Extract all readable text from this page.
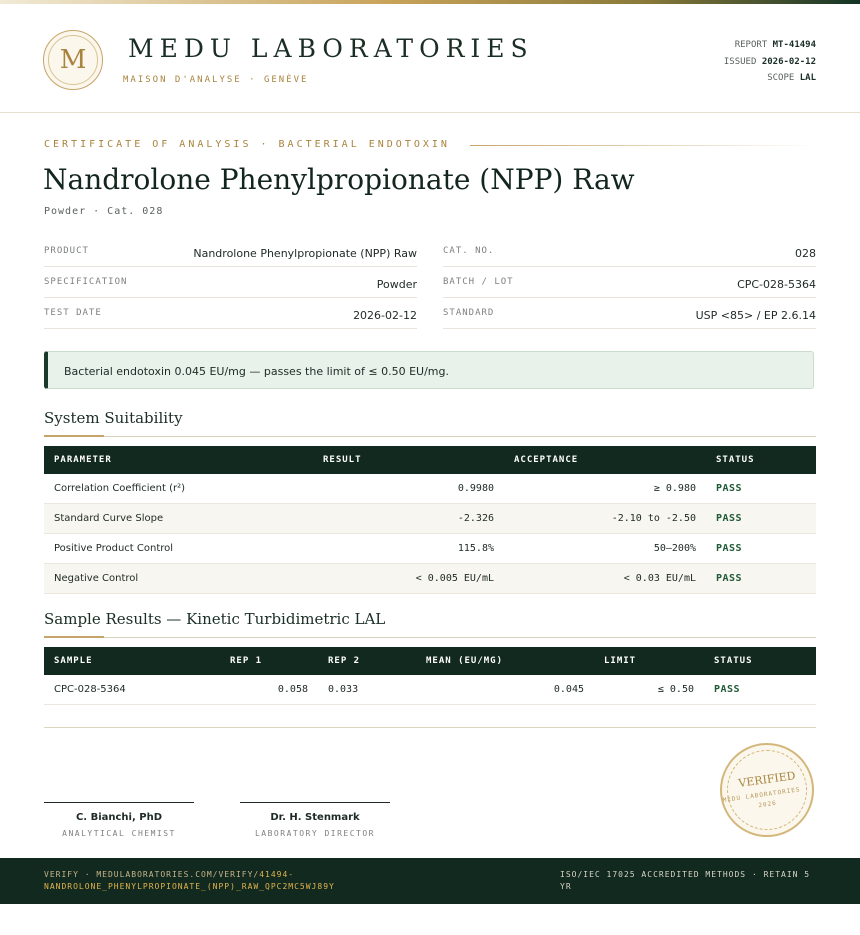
M	MEDU LABORATORIES
MAISON D'ANALYSE · GENÈVE
REPORT MT-41494
ISSUED 2026-02-12
SCOPE LAL
CERTIFICATE OF ANALYSIS · BACTERIAL ENDOTOXIN
Nandrolone Phenylpropionate (NPP) Raw
Powder · Cat. 028
PRODUCT	Nandrolone Phenylpropionate (NPP) Raw
SPECIFICATION	Powder
TEST DATE	2026-02-12
CAT. NO.	028
BATCH / LOT	CPC-028-5364
STANDARD	USP <85> / EP 2.6.14
Bacterial endotoxin 0.045 EU/mg — passes the limit of ≤ 0.50 EU/mg.
System Suitability
PARAMETER	RESULT	ACCEPTANCE	STATUS
Correlation Coefficient (r²)	0.9980	≥ 0.980	PASS
Standard Curve Slope	-2.326	-2.10 to -2.50	PASS
Positive Product Control	115.8%	50–200%	PASS
Negative Control	< 0.005 EU/mL	< 0.03 EU/mL	PASS
Sample Results — Kinetic Turbidimetric LAL
SAMPLE	REP 1	REP 2	MEAN (EU/MG)	LIMIT	STATUS
CPC-028-5364	0.058	0.033	0.045	≤ 0.50	PASS
C. Bianchi, PhD
ANALYTICAL CHEMIST
Dr. H. Stenmark
LABORATORY DIRECTOR
VERIFIED
MEDU LABORATORIES · 2026
VERIFY · MEDULABORATORIES.COM/VERIFY/41494-NANDROLONE_PHENYLPROPIONATE_(NPP)_RAW_QPC2MC5WJ89Y
ISO/IEC 17025 ACCREDITED METHODS · RETAIN 5 YR
